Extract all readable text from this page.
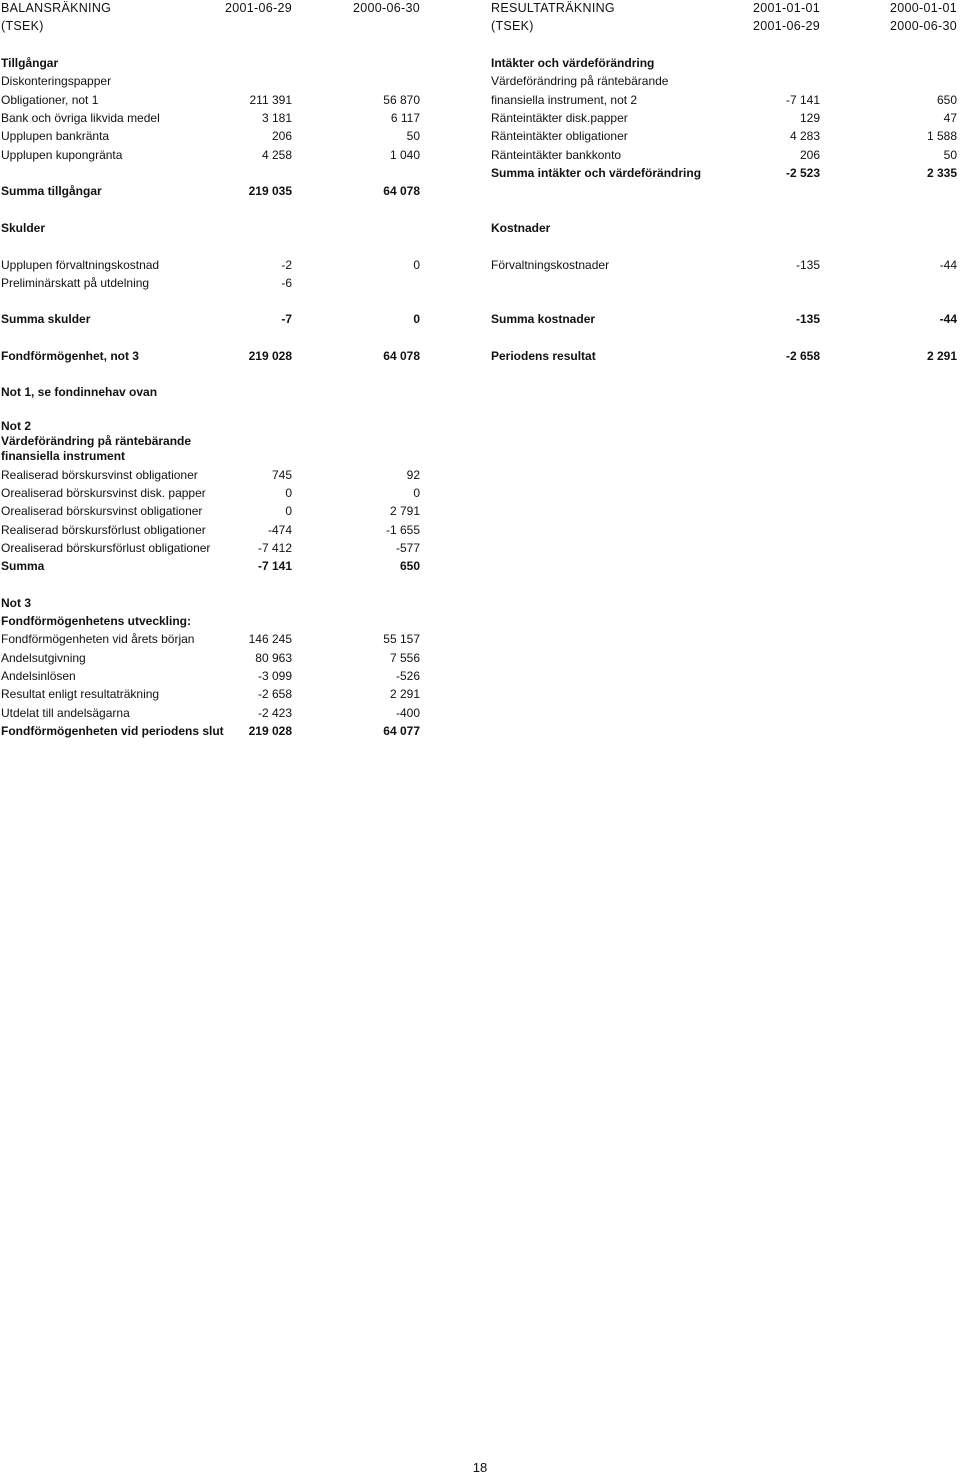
BALANSRÄKNING	2001-06-29	2000-06-30
(TSEK)
Tillgångar
Diskonteringspapper
Obligationer, not 1	211 391	56 870
Bank och övriga likvida medel	3 181	6 117
Upplupen bankränta	206	50
Upplupen kupongränta	4 258	1 040
Summa tillgångar	219 035	64 078
Skulder
Upplupen förvaltningskostnad	-2	0
Preliminärskatt på utdelning	-6
Summa skulder	-7	0
Fondförmögenhet, not 3	219 028	64 078
Not 1, se fondinnehav ovan
Not 2
Värdeförändring på räntebärande
finansiella instrument
Realiserad börskursvinst obligationer	745	92
Orealiserad börskursvinst disk. papper	0	0
Orealiserad börskursvinst obligationer	0	2 791
Realiserad börskursförlust obligationer	-474	-1 655
Orealiserad börskursförlust obligationer	-7 412	-577
Summa	-7 141	650
Not 3
Fondförmögenhetens utveckling:
Fondförmögenheten vid årets början	146 245	55 157
Andelsutgivning	80 963	7 556
Andelsinlösen	-3 099	-526
Resultat enligt resultaträkning	-2 658	2 291
Utdelat till andelsägarna	-2 423	-400
Fondförmögenheten vid periodens slut 219 028	64 077
RESULTATRÄKNING	2001-01-01	2000-01-01
(TSEK)	2001-06-29	2000-06-30
Intäkter och värdeförändring
Värdeförändring på räntebärande
finansiella instrument, not 2	-7 141	650
Ränteintäkter disk.papper	129	47
Ränteintäkter obligationer	4 283	1 588
Ränteintäkter bankkonto	206	50
Summa intäkter och värdeförändring	-2 523	2 335
Kostnader
Förvaltningskostnader	-135	-44
Summa kostnader	-135	-44
Periodens resultat	-2 658	2 291
18
